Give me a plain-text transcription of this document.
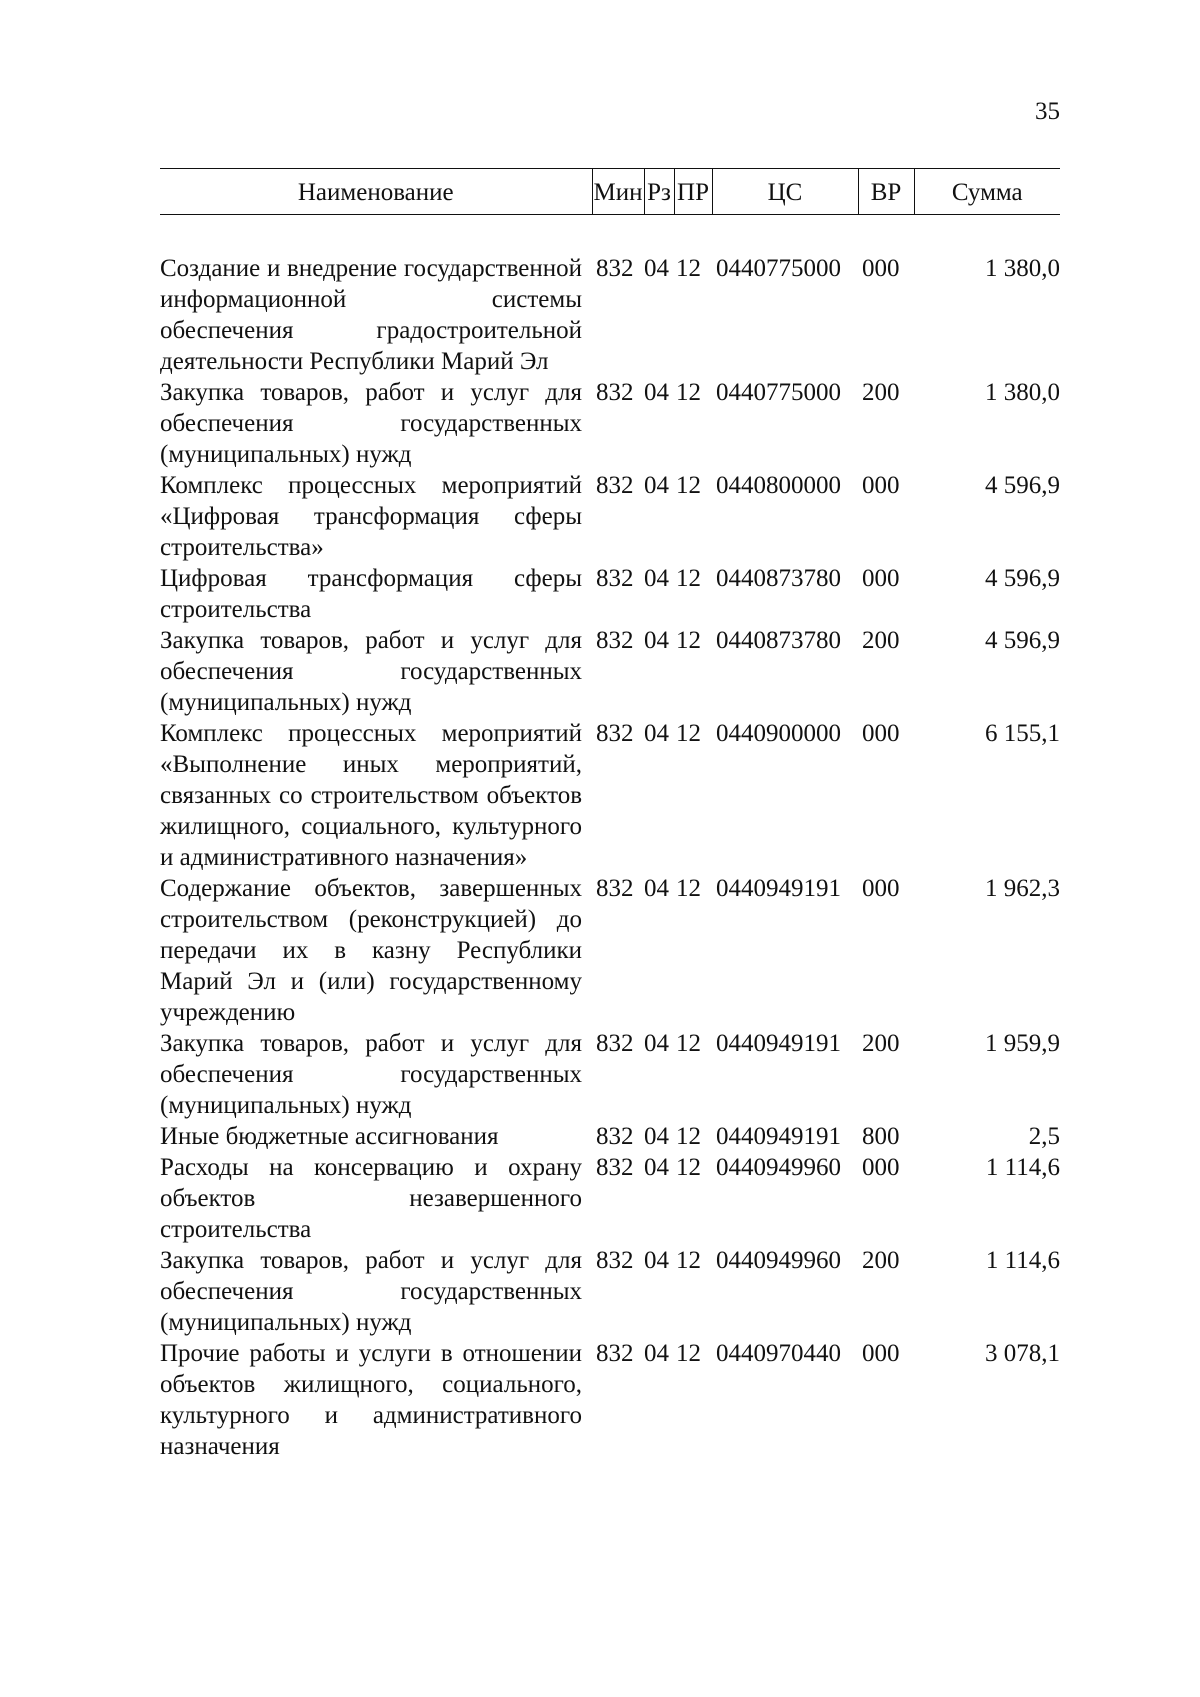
35
Наименование	Мин	Рз	ПР	ЦС	ВР	Сумма

Создание и внедрение государственной информационной системы обеспечения градостроительной деятельности Республики Марий Эл	832	04	12	0440775000	000	1 380,0
Закупка товаров, работ и услуг для обеспечения государственных (муниципальных) нужд	832	04	12	0440775000	200	1 380,0
Комплекс процессных мероприятий «Цифровая трансформация сферы строительства»	832	04	12	0440800000	000	4 596,9
Цифровая трансформация сферы строительства	832	04	12	0440873780	000	4 596,9
Закупка товаров, работ и услуг для обеспечения государственных (муниципальных) нужд	832	04	12	0440873780	200	4 596,9
Комплекс процессных мероприятий «Выполнение иных мероприятий, связанных со строительством объектов жилищного, социального, культурного и административного назначения»	832	04	12	0440900000	000	6 155,1
Содержание объектов, завершенных строительством (реконструкцией) до передачи их в казну Республики Марий Эл и (или) государственному учреждению	832	04	12	0440949191	000	1 962,3
Закупка товаров, работ и услуг для обеспечения государственных (муниципальных) нужд	832	04	12	0440949191	200	1 959,9
Иные бюджетные ассигнования	832	04	12	0440949191	800	2,5
Расходы на консервацию и охрану объектов незавершенного строительства	832	04	12	0440949960	000	1 114,6
Закупка товаров, работ и услуг для обеспечения государственных (муниципальных) нужд	832	04	12	0440949960	200	1 114,6
Прочие работы и услуги в отношении объектов жилищного, социального, культурного и административного назначения	832	04	12	0440970440	000	3 078,1
